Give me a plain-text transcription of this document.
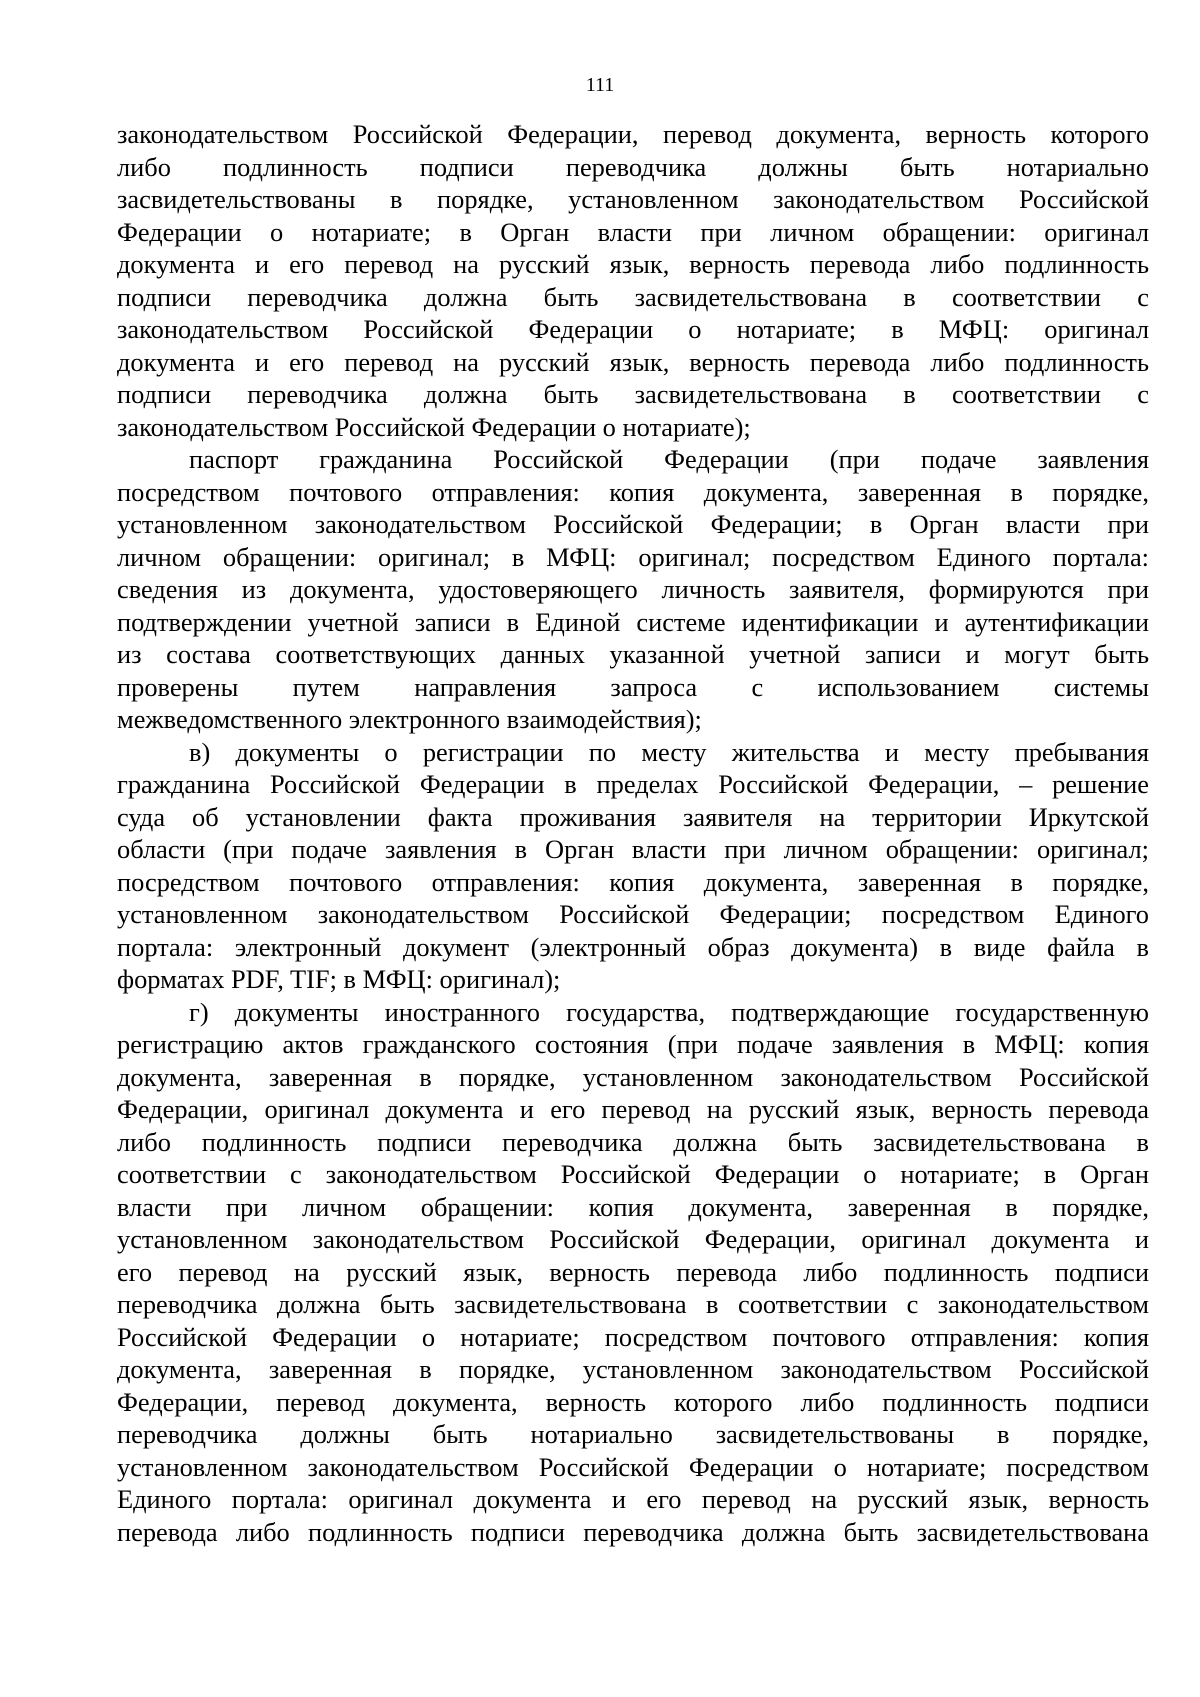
111
законодательством Российской Федерации, перевод документа, верность которого
либо подлинность подписи переводчика должны быть нотариально
засвидетельствованы в порядке, установленном законодательством Российской
Федерации о нотариате; в Орган власти при личном обращении: оригинал
документа и его перевод на русский язык, верность перевода либо подлинность
подписи переводчика должна быть засвидетельствована в соответствии с
законодательством Российской Федерации о нотариате; в МФЦ: оригинал
документа и его перевод на русский язык, верность перевода либо подлинность
подписи переводчика должна быть засвидетельствована в соответствии с
законодательством Российской Федерации о нотариате);
паспорт гражданина Российской Федерации (при подаче заявления
посредством почтового отправления: копия документа, заверенная в порядке,
установленном законодательством Российской Федерации; в Орган власти при
личном обращении: оригинал; в МФЦ: оригинал; посредством Единого портала:
сведения из документа, удостоверяющего личность заявителя, формируются при
подтверждении учетной записи в Единой системе идентификации и аутентификации
из состава соответствующих данных указанной учетной записи и могут быть
проверены путем направления запроса с использованием системы
межведомственного электронного взаимодействия);
в) документы о регистрации по месту жительства и месту пребывания
гражданина Российской Федерации в пределах Российской Федерации, – решение
суда об установлении факта проживания заявителя на территории Иркутской
области (при подаче заявления в Орган власти при личном обращении: оригинал;
посредством почтового отправления: копия документа, заверенная в порядке,
установленном законодательством Российской Федерации; посредством Единого
портала: электронный документ (электронный образ документа) в виде файла в
форматах PDF, TIF; в МФЦ: оригинал);
г) документы иностранного государства, подтверждающие государственную
регистрацию актов гражданского состояния (при подаче заявления в МФЦ: копия
документа, заверенная в порядке, установленном законодательством Российской
Федерации, оригинал документа и его перевод на русский язык, верность перевода
либо подлинность подписи переводчика должна быть засвидетельствована в
соответствии с законодательством Российской Федерации о нотариате; в Орган
власти при личном обращении: копия документа, заверенная в порядке,
установленном законодательством Российской Федерации, оригинал документа и
его перевод на русский язык, верность перевода либо подлинность подписи
переводчика должна быть засвидетельствована в соответствии с законодательством
Российской Федерации о нотариате; посредством почтового отправления: копия
документа, заверенная в порядке, установленном законодательством Российской
Федерации, перевод документа, верность которого либо подлинность подписи
переводчика должны быть нотариально засвидетельствованы в порядке,
установленном законодательством Российской Федерации о нотариате; посредством
Единого портала: оригинал документа и его перевод на русский язык, верность
перевода либо подлинность подписи переводчика должна быть засвидетельствована
